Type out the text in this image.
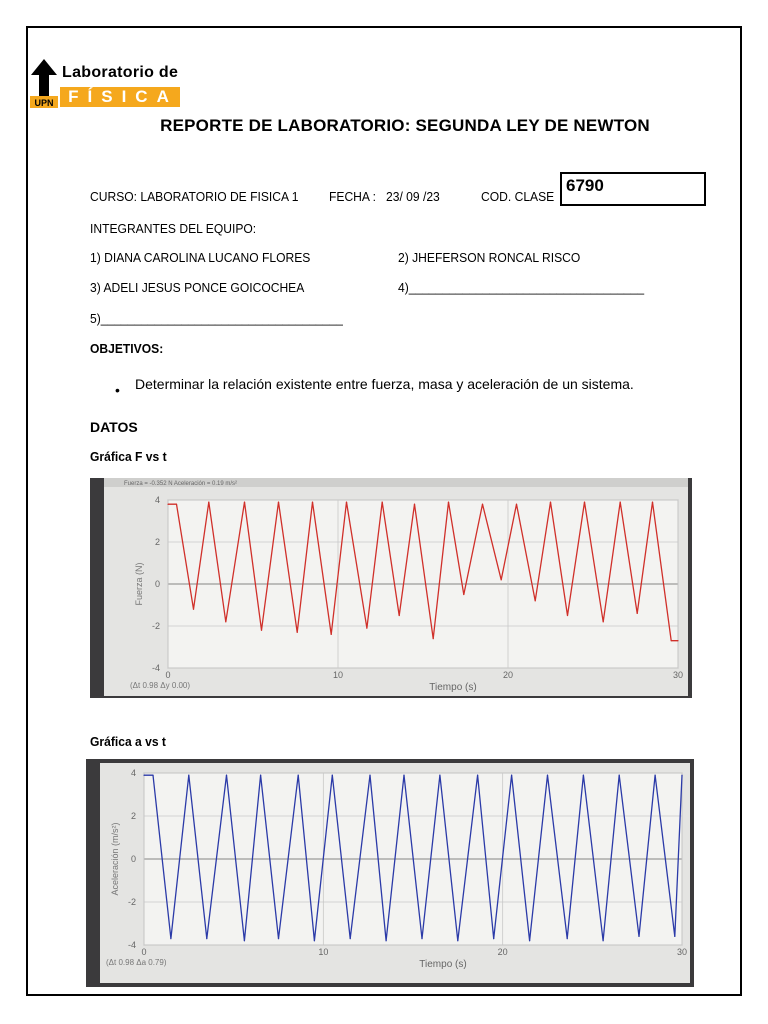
UPN
Laboratorio de
FÍSICA
REPORTE DE LABORATORIO: SEGUNDA LEY DE NEWTON
CURSO: LABORATORIO DE FISICA 1 FECHA : 23/ 09 /23	COD. CLASE
6790
INTEGRANTES DEL EQUIPO:
1) DIANA CAROLINA LUCANO FLORES	2) JHEFERSON RONCAL RISCO
3) ADELI JESUS PONCE GOICOCHEA	4)___________________________________
5)____________________________________
OBJETIVOS:
• Determinar la relación existente entre fuerza, masa y aceleración de un sistema.
DATOS
Gráfica F vs t
Gráfica a vs t
Fuerza = -0.352 N Aceleración = 0.19 m/s²
4
2
0
-2
-4
0	10	20	30
Tiempo (s)
Fuerza (N)
(Δt 0.98 Δy 0.00)
4
2
0
-2
-4
0	10	20	30
Tiempo (s)
Aceleración (m/s²)
(Δt 0.98 Δa 0.79)
